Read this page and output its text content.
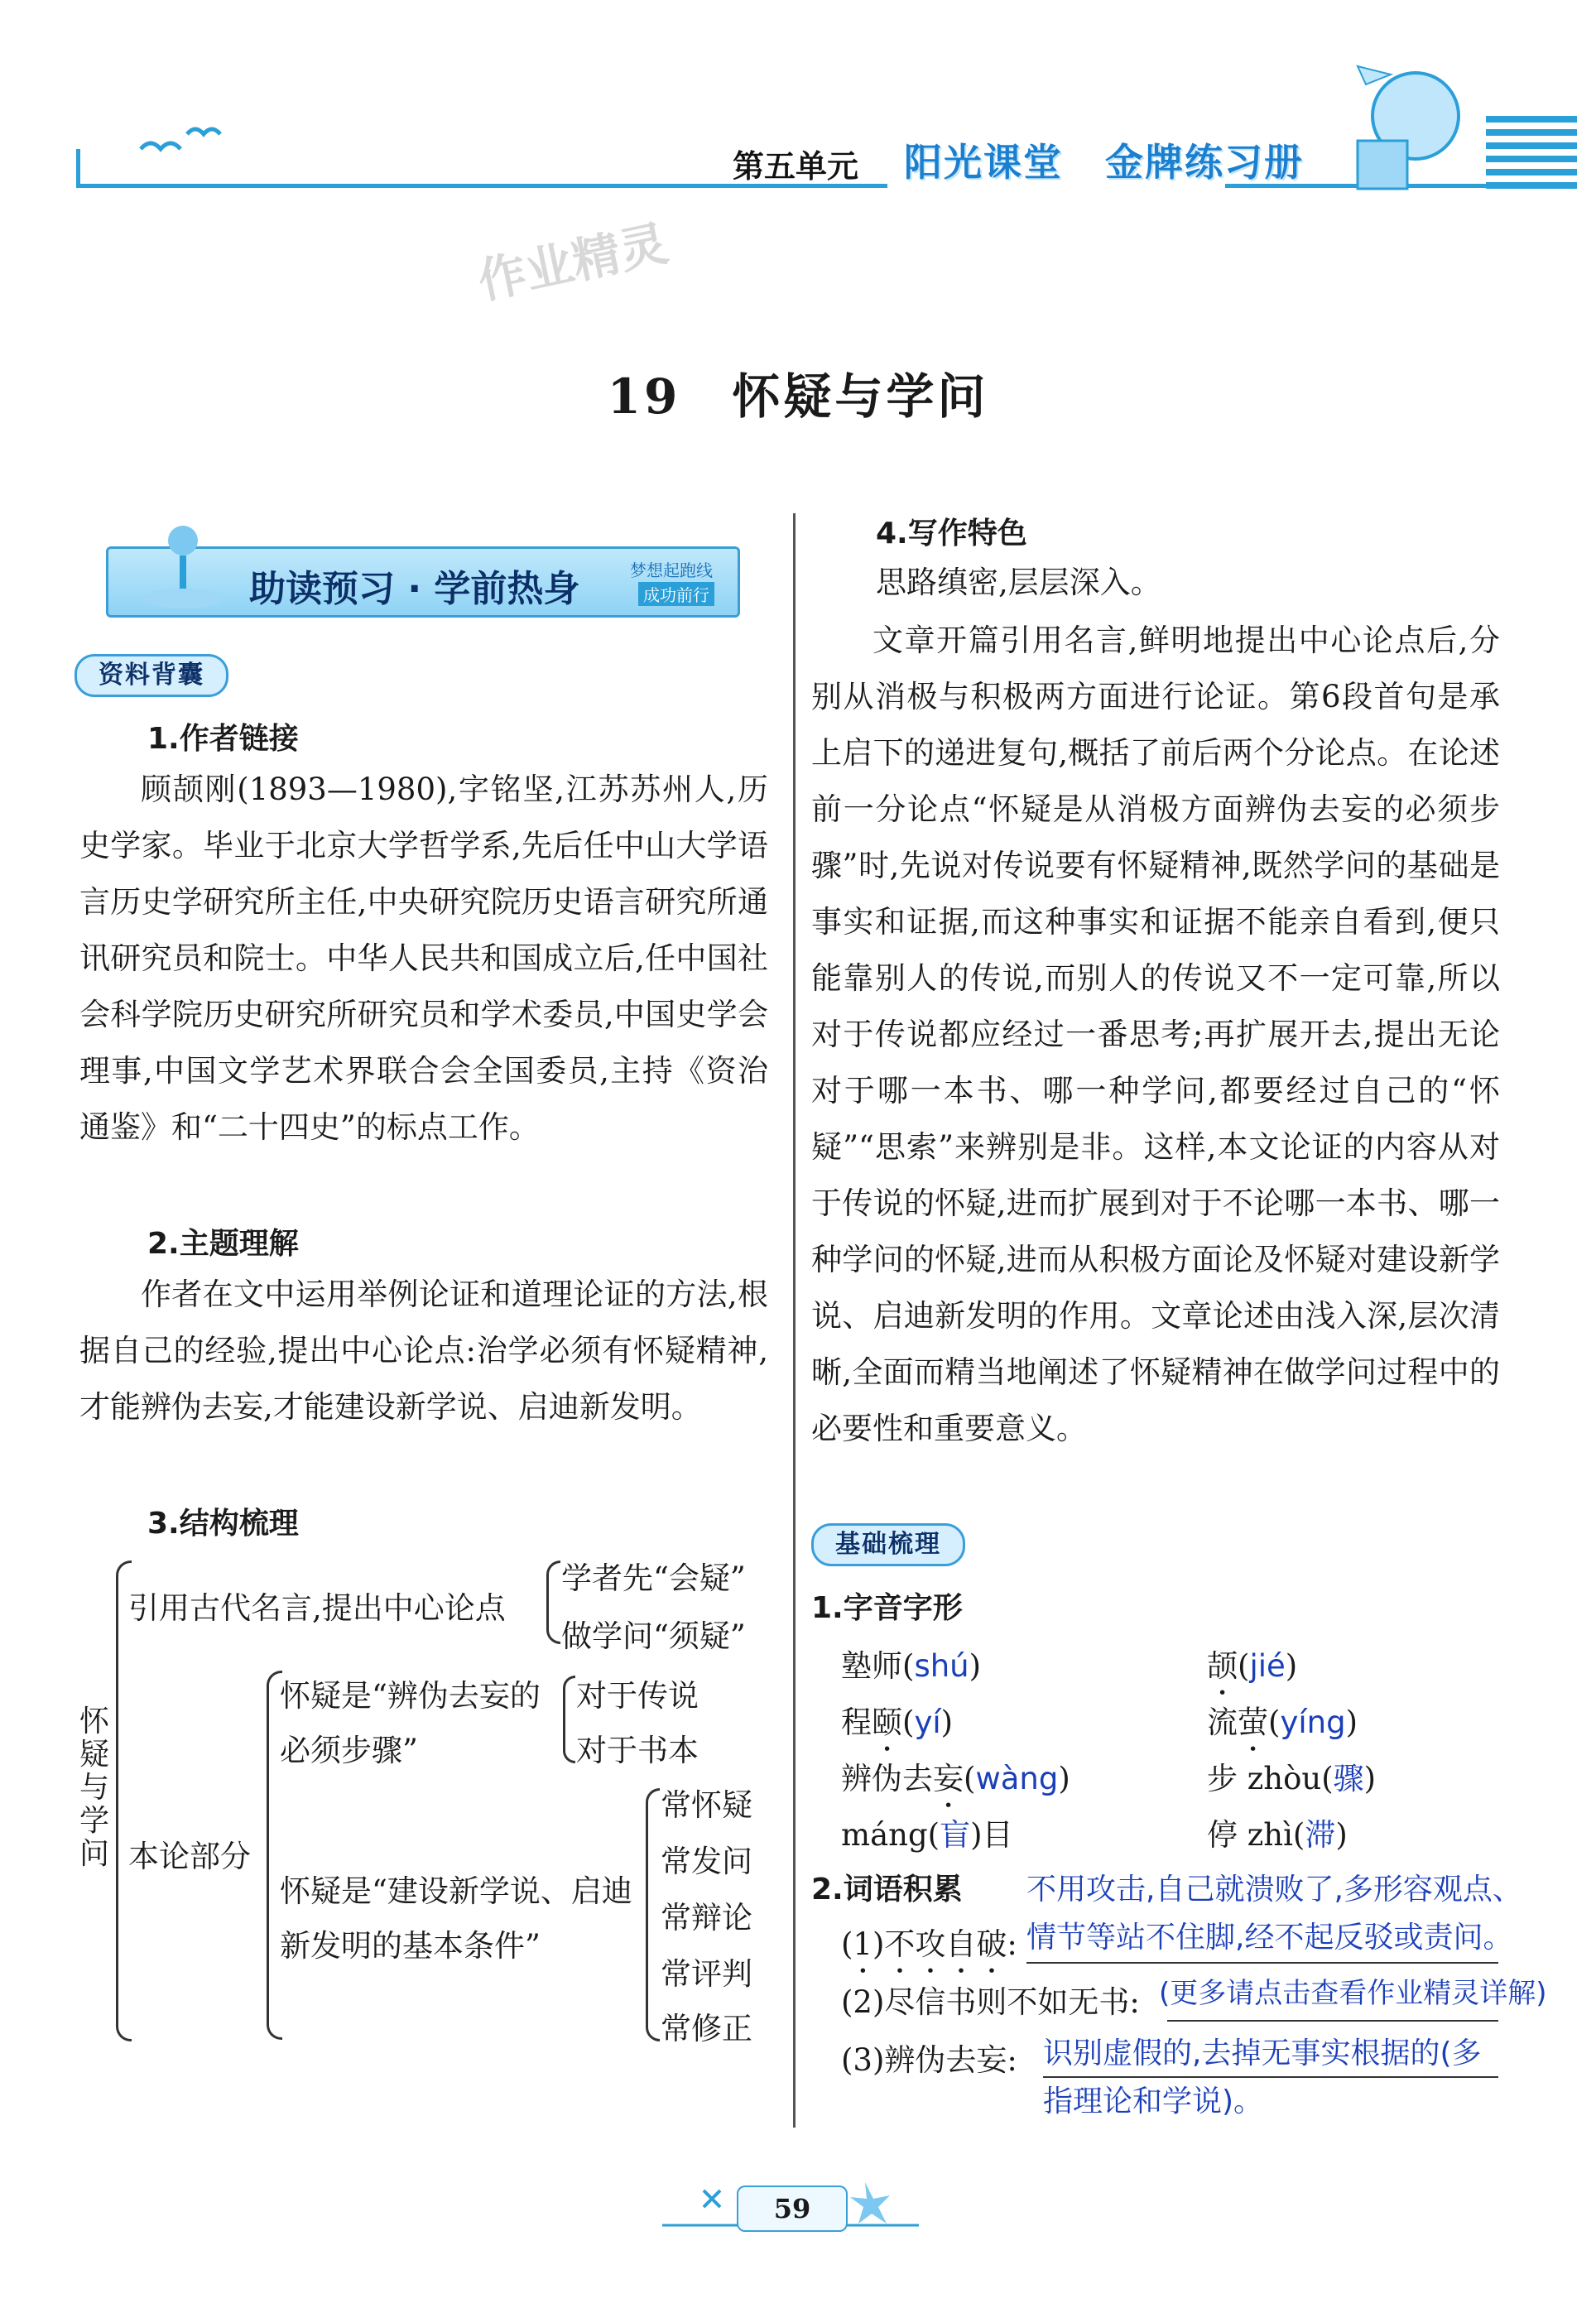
第五单元 阳光课堂 金牌练习册
作业精灵
19　怀疑与学问
助读预习 · 学前热身	梦想起跑线
成功前行
资料背囊
1.作者链接
顾颉刚(1893—1980),字铭坚,江苏苏州人,历史学家。毕业于北京大学哲学系,先后任中山大学语言历史学研究所主任,中央研究院历史语言研究所通讯研究员和院士。中华人民共和国成立后,任中国社会科学院历史研究所研究员和学术委员,中国史学会理事,中国文学艺术界联合会全国委员,主持《资治通鉴》和“二十四史”的标点工作。
2.主题理解
作者在文中运用举例论证和道理论证的方法,根据自己的经验,提出中心论点:治学必须有怀疑精神,才能辨伪去妄,才能建设新学说、启迪新发明。
3.结构梳理
怀疑与学问
引用古代名言,提出中心论点
学者先“会疑”
做学问“须疑”
本论部分
怀疑是“辨伪去妄的
必须步骤”
对于传说
对于书本
怀疑是“建设新学说、启迪
新发明的基本条件”
常怀疑
常发问
常辩论
常评判
常修正
4.写作特色
思路缜密,层层深入。
文章开篇引用名言,鲜明地提出中心论点后,分别从消极与积极两方面进行论证。第6段首句是承上启下的递进复句,概括了前后两个分论点。在论述前一分论点“怀疑是从消极方面辨伪去妄的必须步骤”时,先说对传说要有怀疑精神,既然学问的基础是事实和证据,而这种事实和证据不能亲自看到,便只能靠别人的传说,而别人的传说又不一定可靠,所以对于传说都应经过一番思考;再扩展开去,提出无论对于哪一本书、哪一种学问,都要经过自己的“怀疑”“思索”来辨别是非。这样,本文论证的内容从对于传说的怀疑,进而扩展到对于不论哪一本书、哪一种学问的怀疑,进而从积极方面论及怀疑对建设新学说、启迪新发明的作用。文章论述由浅入深,层次清晰,全面而精当地阐述了怀疑精神在做学问过程中的必要性和重要意义。
基础梳理
1.字音字形
塾师(shú)	颉(jié)
程颐(yí)	流萤(yíng)
辨伪去妄(wàng)	步 zhòu(骤)
máng(盲)目	停 zhì(滞)
2.词语积累 不用攻击,自己就溃败了,多形容观点、
(1)不攻自破: 情节等站不住脚,经不起反驳或责问。
(2)尽信书则不如无书: (更多请点击查看作业精灵详解)
(3)辨伪去妄: 识别虚假的,去掉无事实根据的(多
指理论和学说)。
59
